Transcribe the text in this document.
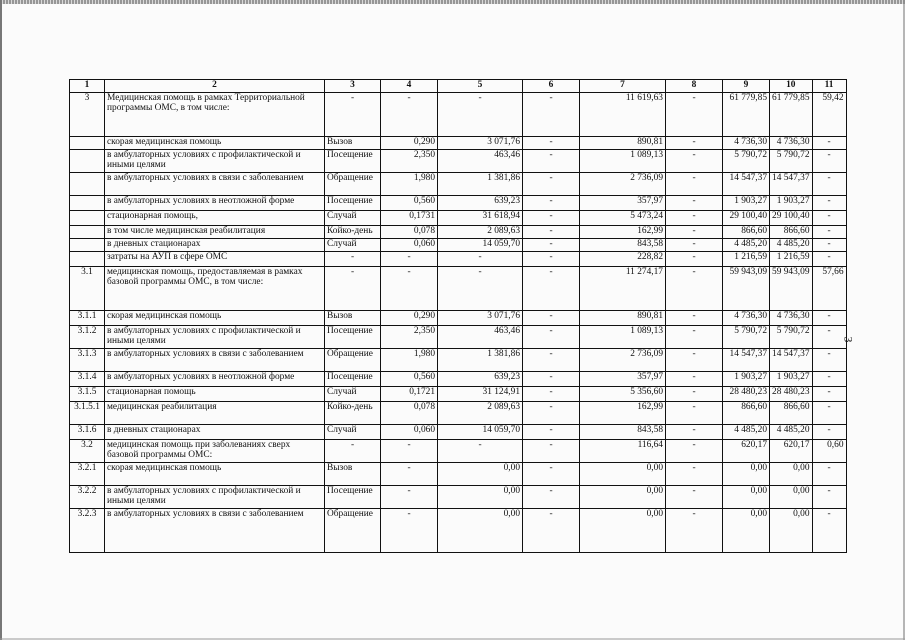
3
1	2	3	4	5	6	7	8	9	10	11
3	Медицинская помощь в рамках Территориальной программы ОМС, в том числе:	-	-	-	-	11 619,63	-	61 779,85	61 779,85	59,42
	скорая медицинская помощь	Вызов	0,290	3 071,76	-	890,81	-	4 736,30	4 736,30	-
	в амбулаторных условиях с профилактической и иными целями	Посещение	2,350	463,46	-	1 089,13	-	5 790,72	5 790,72	-
	в амбулаторных условиях в связи с заболеванием	Обращение	1,980	1 381,86	-	2 736,09	-	14 547,37	14 547,37	-
	в амбулаторных условиях в неотложной форме	Посещение	0,560	639,23	-	357,97	-	1 903,27	1 903,27	-
	стационарная помощь,	Случай	0,1731	31 618,94	-	5 473,24	-	29 100,40	29 100,40	-
	в том числе медицинская реабилитация	Койко-день	0,078	2 089,63	-	162,99	-	866,60	866,60	-
	в дневных стационарах	Случай	0,060	14 059,70	-	843,58	-	4 485,20	4 485,20	-
	затраты на АУП в сфере ОМС	-	-	-	-	228,82	-	1 216,59	1 216,59	-
3.1	медицинская помощь, предоставляемая в рамках базовой программы ОМС, в том числе:	-	-	-	-	11 274,17	-	59 943,09	59 943,09	57,66
3.1.1	скорая медицинская помощь	Вызов	0,290	3 071,76	-	890,81	-	4 736,30	4 736,30	-
3.1.2	в амбулаторных условиях с профилактической и иными целями	Посещение	2,350	463,46	-	1 089,13	-	5 790,72	5 790,72	-
3.1.3	в амбулаторных условиях в связи с заболеванием	Обращение	1,980	1 381,86	-	2 736,09	-	14 547,37	14 547,37	-
3.1.4	в амбулаторных условиях в неотложной форме	Посещение	0,560	639,23	-	357,97	-	1 903,27	1 903,27	-
3.1.5	стационарная помощь	Случай	0,1721	31 124,91	-	5 356,60	-	28 480,23	28 480,23	-
3.1.5.1	медицинская реабилитация	Койко-день	0,078	2 089,63	-	162,99	-	866,60	866,60	-
3.1.6	в дневных стационарах	Случай	0,060	14 059,70	-	843,58	-	4 485,20	4 485,20	-
3.2	медицинская помощь при заболеваниях сверх базовой программы ОМС:	-	-	-	-	116,64	-	620,17	620,17	0,60
3.2.1	скорая медицинская помощь	Вызов	-	0,00	-	0,00	-	0,00	0,00	-
3.2.2	в амбулаторных условиях с профилактической и иными целями	Посещение	-	0,00	-	0,00	-	0,00	0,00	-
3.2.3	в амбулаторных условиях в связи с заболеванием	Обращение	-	0,00	-	0,00	-	0,00	0,00	-
